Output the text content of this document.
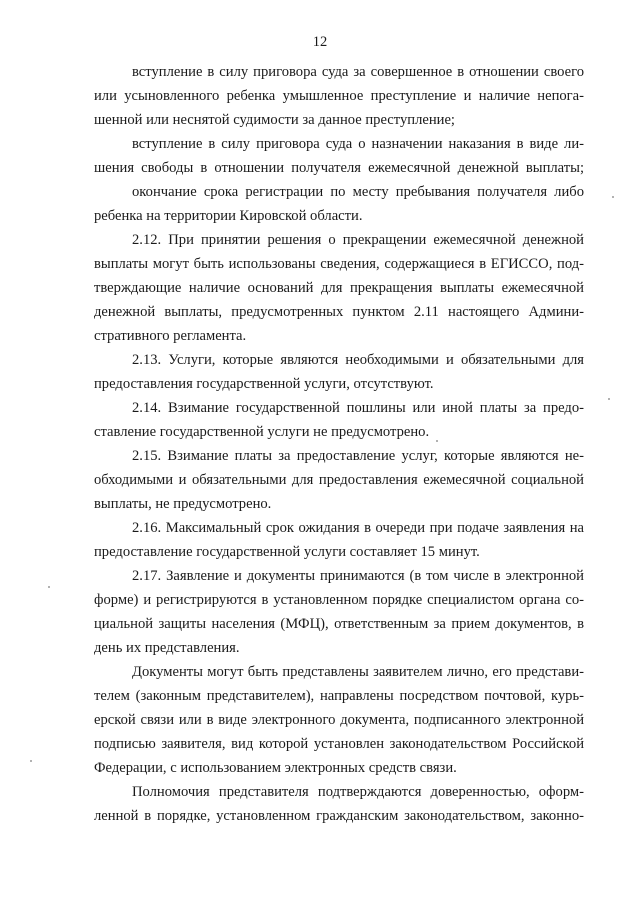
12
вступление в силу приговора суда за совершенное в отношении своего
или усыновленного ребенка умышленное преступление и наличие непога-
шенной или неснятой судимости за данное преступление;
вступление в силу приговора суда о назначении наказания в виде ли-
шения свободы в отношении получателя ежемесячной денежной выплаты;
окончание срока регистрации по месту пребывания получателя либо
ребенка на территории Кировской области.
2.12. При принятии решения о прекращении ежемесячной денежной
выплаты могут быть использованы сведения, содержащиеся в ЕГИССО, под-
тверждающие наличие оснований для прекращения выплаты ежемесячной
денежной выплаты, предусмотренных пунктом 2.11 настоящего Админи-
стративного регламента.
2.13. Услуги, которые являются необходимыми и обязательными для
предоставления государственной услуги, отсутствуют.
2.14. Взимание государственной пошлины или иной платы за предо-
ставление государственной услуги не предусмотрено.
2.15. Взимание платы за предоставление услуг, которые являются не-
обходимыми и обязательными для предоставления ежемесячной социальной
выплаты, не предусмотрено.
2.16. Максимальный срок ожидания в очереди при подаче заявления на
предоставление государственной услуги составляет 15 минут.
2.17. Заявление и документы принимаются (в том числе в электронной
форме) и регистрируются в установленном порядке специалистом органа со-
циальной защиты населения (МФЦ), ответственным за прием документов, в
день их представления.
Документы могут быть представлены заявителем лично, его представи-
телем (законным представителем), направлены посредством почтовой, курь-
ерской связи или в виде электронного документа, подписанного электронной
подписью заявителя, вид которой установлен законодательством Российской
Федерации, с использованием электронных средств связи.
Полномочия представителя подтверждаются доверенностью, оформ-
ленной в порядке, установленном гражданским законодательством, законно-
